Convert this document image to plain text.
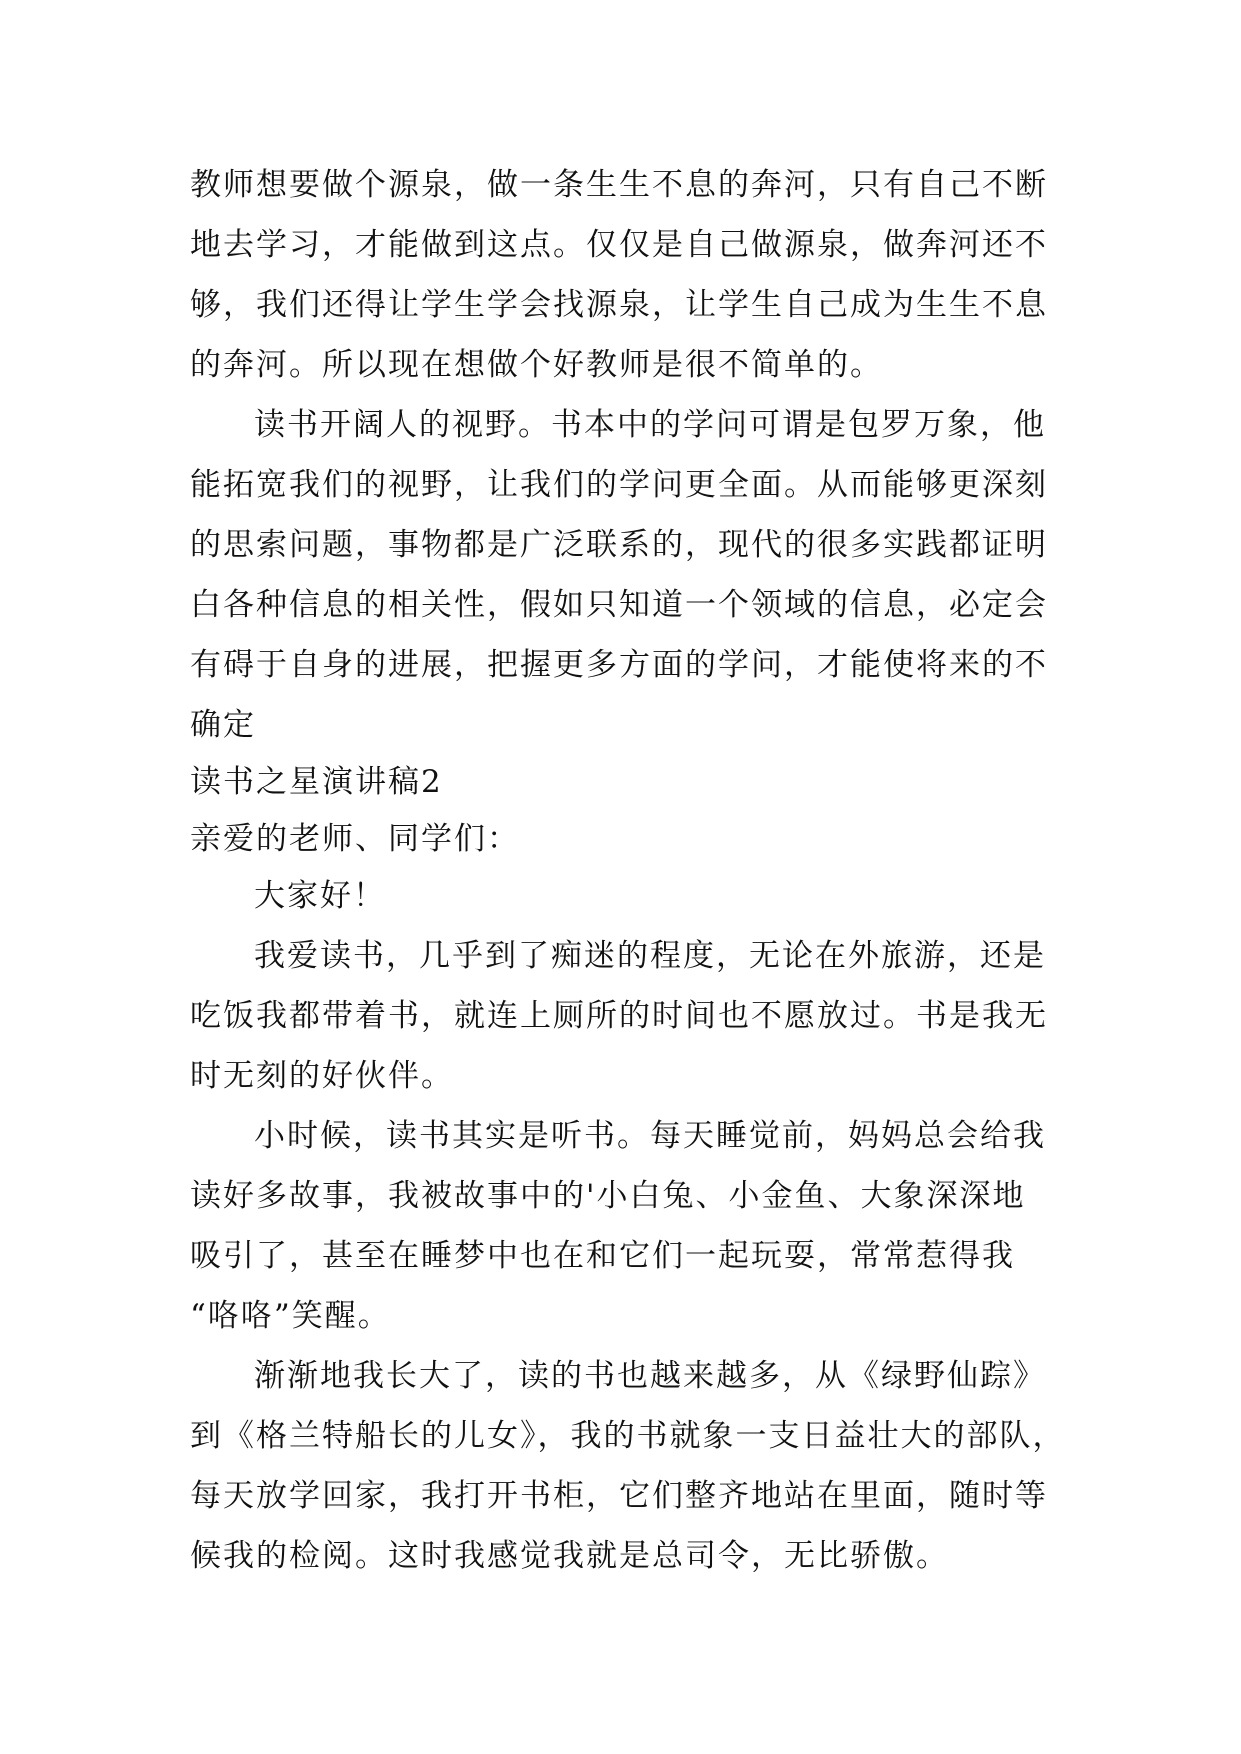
教师想要做个源泉，做一条生生不息的奔河，只有自己不断
地去学习，才能做到这点。仅仅是自己做源泉，做奔河还不
够，我们还得让学生学会找源泉，让学生自己成为生生不息
的奔河。所以现在想做个好教师是很不简单的。
读书开阔人的视野。书本中的学问可谓是包罗万象，他
能拓宽我们的视野，让我们的学问更全面。从而能够更深刻
的思索问题，事物都是广泛联系的，现代的很多实践都证明
白各种信息的相关性，假如只知道一个领域的信息，必定会
有碍于自身的进展，把握更多方面的学问，才能使将来的不
确定
读书之星演讲稿2
亲爱的老师、同学们：
大家好！
我爱读书，几乎到了痴迷的程度，无论在外旅游，还是
吃饭我都带着书，就连上厕所的时间也不愿放过。书是我无
时无刻的好伙伴。
小时候，读书其实是听书。每天睡觉前，妈妈总会给我
读好多故事，我被故事中的'小白兔、小金鱼、大象深深地
吸引了，甚至在睡梦中也在和它们一起玩耍，常常惹得我
“咯咯”笑醒。
渐渐地我长大了，读的书也越来越多，从《绿野仙踪》
到《格兰特船长的儿女》，我的书就象一支日益壮大的部队，
每天放学回家，我打开书柜，它们整齐地站在里面，随时等
候我的检阅。这时我感觉我就是总司令，无比骄傲。
